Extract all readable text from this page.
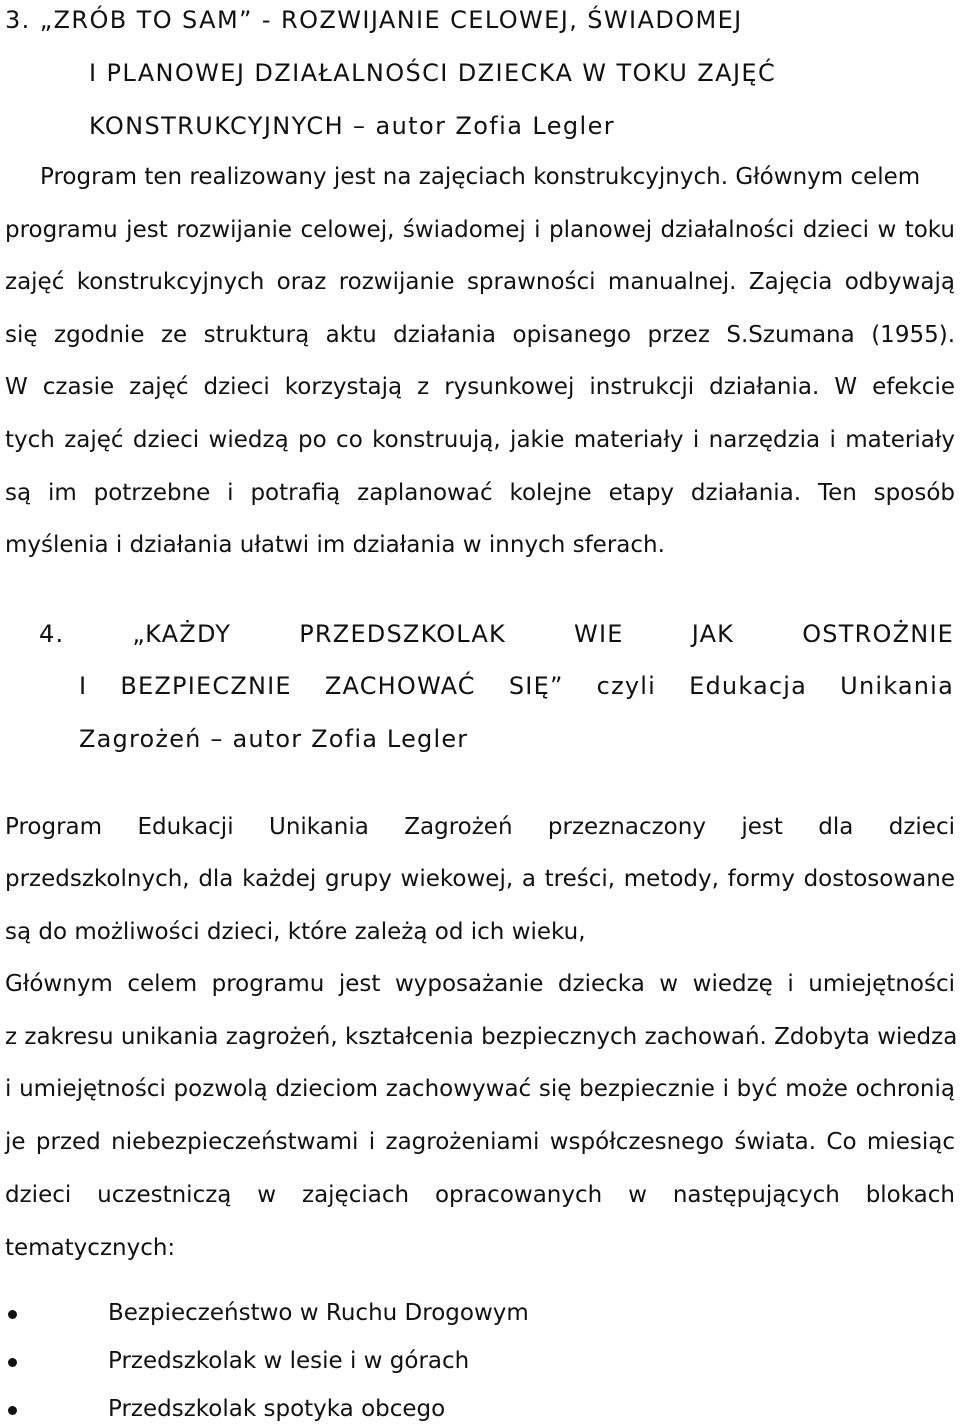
3. „ZRÓB TO SAM” - ROZWIJANIE CELOWEJ, ŚWIADOMEJ
I PLANOWEJ DZIAŁALNOŚCI DZIECKA W TOKU ZAJĘĆ
KONSTRUKCYJNYCH – autor Zofia Legler
Program ten realizowany jest na zajęciach konstrukcyjnych. Głównym celem
programu jest rozwijanie celowej, świadomej i planowej działalności dzieci w toku
zajęć konstrukcyjnych oraz rozwijanie sprawności manualnej. Zajęcia odbywają
się zgodnie ze strukturą aktu działania opisanego przez S.Szumana (1955).
W czasie zajęć dzieci korzystają z rysunkowej instrukcji działania. W efekcie
tych zajęć dzieci wiedzą po co konstruują, jakie materiały i narzędzia i materiały
są im potrzebne i potrafią zaplanować kolejne etapy działania. Ten sposób
myślenia i działania ułatwi im działania w innych sferach.
4. „KAŻDY PRZEDSZKOLAK WIE JAK OSTROŻNIE
I BEZPIECZNIE ZACHOWAĆ SIĘ” czyli Edukacja Unikania
Zagrożeń – autor Zofia Legler
Program Edukacji Unikania Zagrożeń przeznaczony jest dla dzieci
przedszkolnych, dla każdej grupy wiekowej, a treści, metody, formy dostosowane
są do możliwości dzieci, które zależą od ich wieku,
Głównym celem programu jest wyposażanie dziecka w wiedzę i umiejętności
z zakresu unikania zagrożeń, kształcenia bezpiecznych zachowań. Zdobyta wiedza
i umiejętności pozwolą dzieciom zachowywać się bezpiecznie i być może ochronią
je przed niebezpieczeństwami i zagrożeniami współczesnego świata. Co miesiąc
dzieci uczestniczą w zajęciach opracowanych w następujących blokach
tematycznych:
Bezpieczeństwo w Ruchu Drogowym
Przedszkolak w lesie i w górach
Przedszkolak spotyka obcego
